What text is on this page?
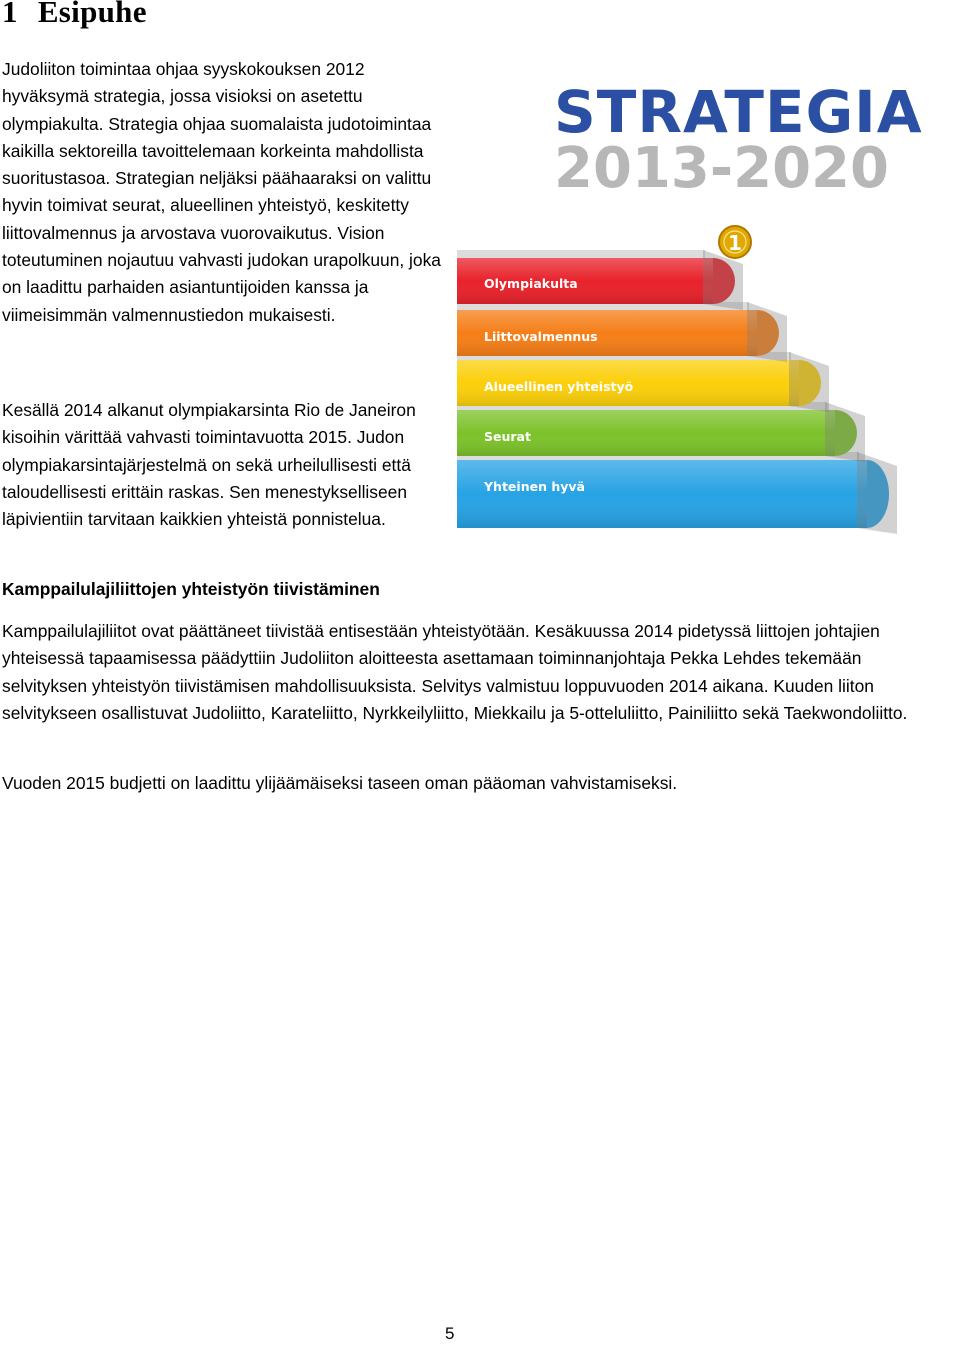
1 Esipuhe

Judoliiton toimintaa ohjaa syyskokouksen 2012 hyväksymä strategia, jossa visioksi on asetettu olympiakulta. Strategia ohjaa suomalaista judotoimintaa kaikilla sektoreilla tavoittelemaan korkeinta mahdollista suoritustasoa. Strategian neljäksi päähaaraksi on valittu hyvin toimivat seurat, alueellinen yhteistyö, keskitetty liittovalmennus ja arvostava vuorovaikutus. Vision toteutuminen nojautuu vahvasti judokan urapolkuun, joka on laadittu parhaiden asiantuntijoiden kanssa ja viimeisimmän valmennustiedon mukaisesti.

Kesällä 2014 alkanut olympiakarsinta Rio de Janeiron kisoihin värittää vahvasti toimintavuotta 2015. Judon olympiakarsintajärjestelmä on sekä urheilullisesti että taloudellisesti erittäin raskas. Sen menestykselliseen läpivientiin tarvitaan kaikkien yhteistä ponnistelua.

Kamppailulajiliittojen yhteistyön tiivistäminen

Kamppailulajiliitot ovat päättäneet tiivistää entisestään yhteistyötään. Kesäkuussa 2014 pidetyssä liittojen johtajien yhteisessä tapaamisessa päädyttiin Judoliiton aloitteesta asettamaan toiminnanjohtaja Pekka Lehdes tekemään selvityksen yhteistyön tiivistämisen mahdollisuuksista. Selvitys valmistuu loppuvuoden 2014 aikana. Kuuden liiton selvitykseen osallistuvat Judoliitto, Karateliitto, Nyrkkeilyliitto, Miekkailu ja 5-otteluliitto, Painiliitto sekä Taekwondoliitto.

Vuoden 2015 budjetti on laadittu ylijäämäiseksi taseen oman pääoman vahvistamiseksi.

STRATEGIA
2013-2020
1
Olympiakulta
Liittovalmennus
Alueellinen yhteistyö
Seurat
Yhteinen hyvä
5
